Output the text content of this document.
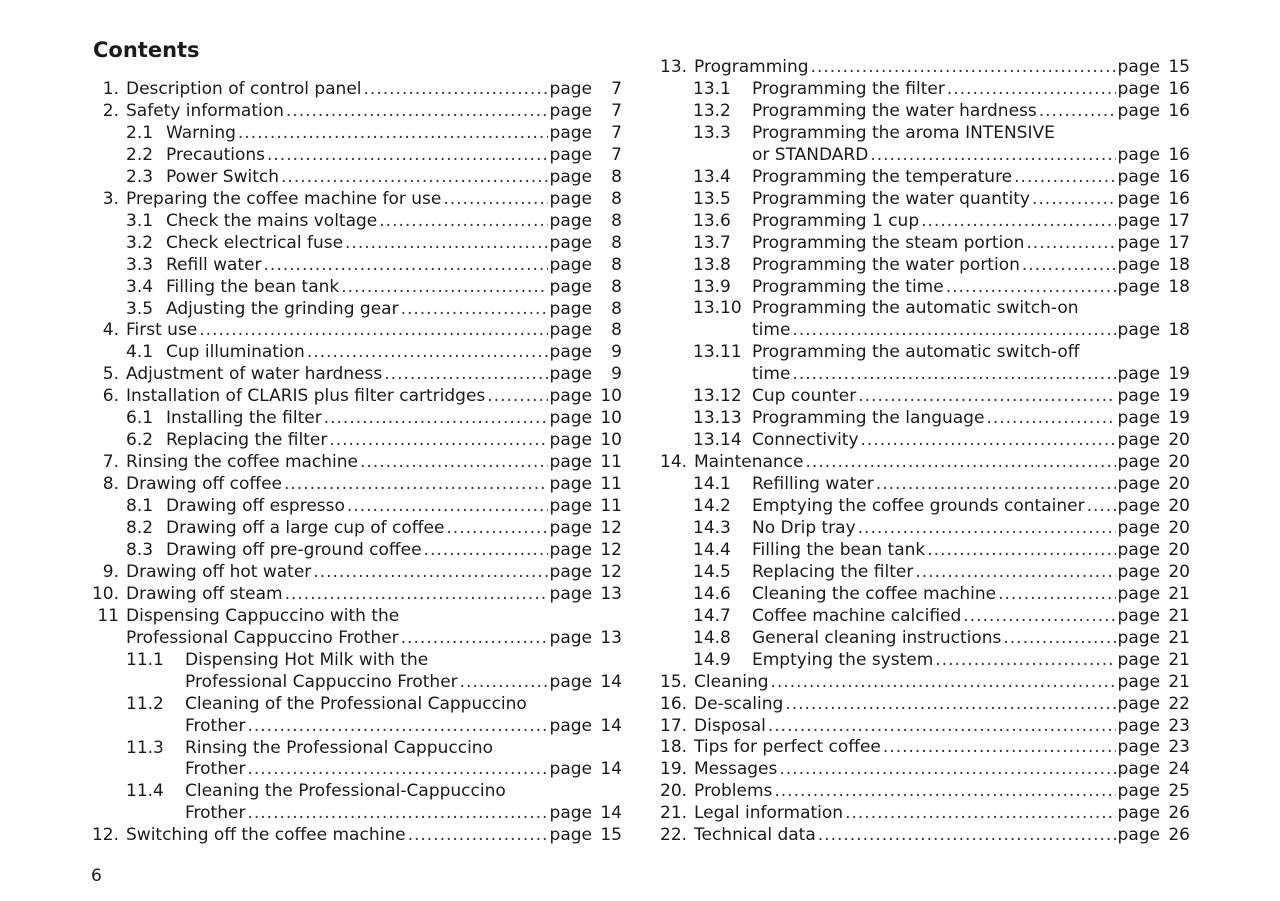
Contents
1. Description of control panel .....	page 7
2. Safety information .....	page 7
2.1 Warning .....	page 7
2.2 Precautions .....	page 7
2.3 Power Switch .....	page 8
3. Preparing the coffee machine for use .....	page 8
3.1 Check the mains voltage .....	page 8
3.2 Check electrical fuse .....	page 8
3.3 Refill water .....	page 8
3.4 Filling the bean tank .....	page 8
3.5 Adjusting the grinding gear .....	page 8
4. First use .....	page 8
4.1 Cup illumination .....	page 9
5. Adjustment of water hardness .....	page 9
6. Installation of CLARIS plus filter cartridges .....	page 10
6.1 Installing the filter .....	page 10
6.2 Replacing the filter .....	page 10
7. Rinsing the coffee machine .....	page 11
8. Drawing off coffee .....	page 11
8.1 Drawing off espresso .....	page 11
8.2 Drawing off a large cup of coffee .....	page 12
8.3 Drawing off pre-ground coffee .....	page 12
9. Drawing off hot water .....	page 12
10. Drawing off steam .....	page 13
11 Dispensing Cappuccino with the
Professional Cappuccino Frother .....	page 13
11.1 Dispensing Hot Milk with the
Professional Cappuccino Frother .....	page 14
11.2 Cleaning of the Professional Cappuccino
Frother .....	page 14
11.3 Rinsing the Professional Cappuccino
Frother .....	page 14
11.4 Cleaning the Professional-Cappuccino
Frother .....	page 14
12. Switching off the coffee machine .....	page 15
13. Programming .....	page 15
13.1 Programming the filter .....	page 16
13.2 Programming the water hardness .....	page 16
13.3 Programming the aroma INTENSIVE
or STANDARD .....	page 16
13.4 Programming the temperature .....	page 16
13.5 Programming the water quantity .....	page 16
13.6 Programming 1 cup .....	page 17
13.7 Programming the steam portion .....	page 17
13.8 Programming the water portion .....	page 18
13.9 Programming the time .....	page 18
13.10 Programming the automatic switch-on
time .....	page 18
13.11 Programming the automatic switch-off
time .....	page 19
13.12 Cup counter .....	page 19
13.13 Programming the language .....	page 19
13.14 Connectivity .....	page 20
14. Maintenance .....	page 20
14.1 Refilling water .....	page 20
14.2 Emptying the coffee grounds container ..... page 20
14.3 No Drip tray .....	page 20
14.4 Filling the bean tank .....	page 20
14.5 Replacing the filter .....	page 20
14.6 Cleaning the coffee machine .....	page 21
14.7 Coffee machine calcified .....	page 21
14.8 General cleaning instructions .....	page 21
14.9 Emptying the system .....	page 21
15. Cleaning .....	page 21
16. De-scaling .....	page 22
17. Disposal .....	page 23
18. Tips for perfect coffee .....	page 23
19. Messages .....	page 24
20. Problems .....	page 25
21. Legal information .....	page 26
22. Technical data .....	page 26
6
